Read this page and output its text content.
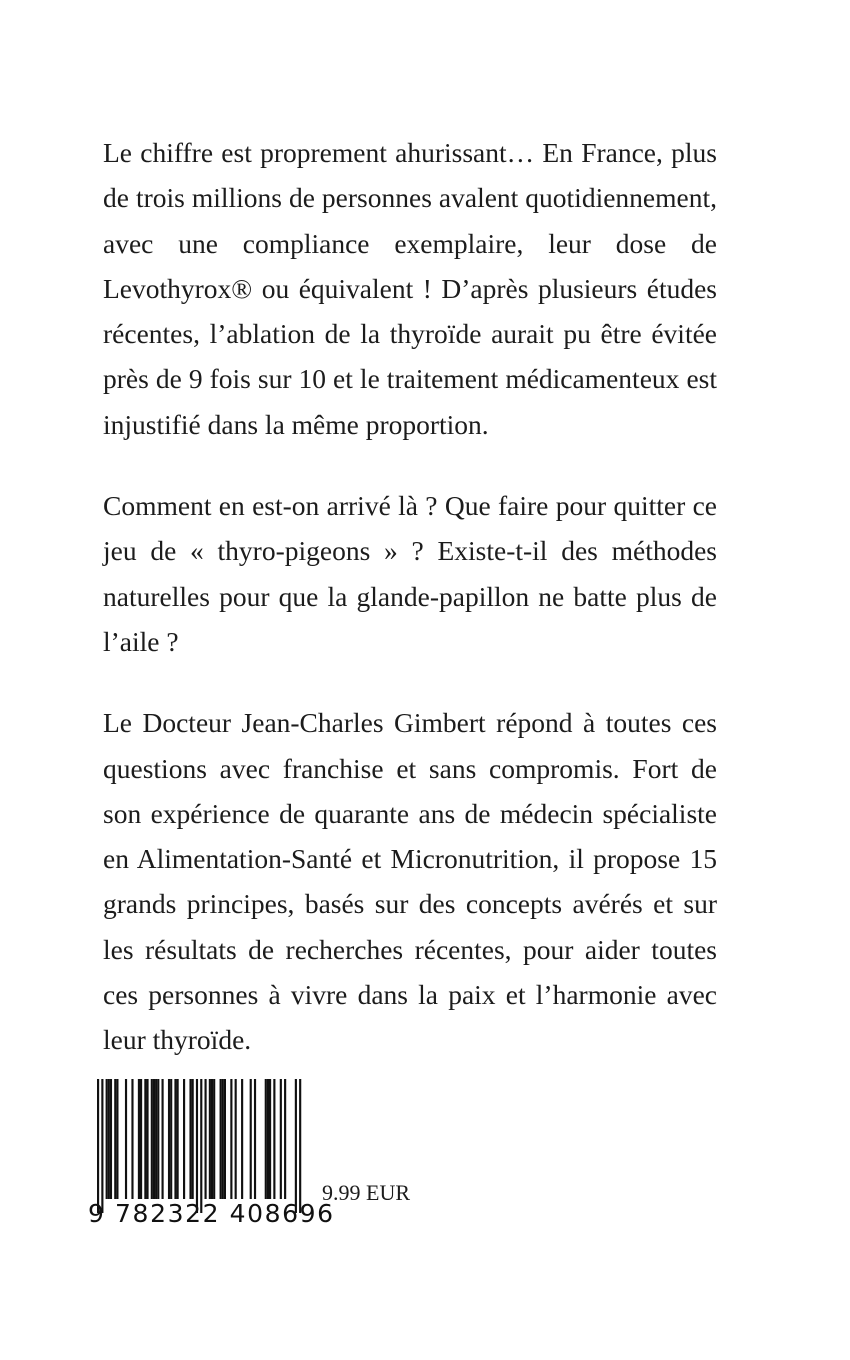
Le chiffre est proprement ahurissant… En France, plus de trois millions de personnes avalent quotidiennement, avec une compliance exemplaire, leur dose de Levothyrox® ou équivalent ! D’après plusieurs études récentes, l’ablation de la thyroïde aurait pu être évitée près de 9 fois sur 10 et le traitement médicamenteux est injustifié dans la même proportion.

Comment en est-on arrivé là ? Que faire pour quitter ce jeu de « thyro-pigeons » ? Existe-t-il des méthodes naturelles pour que la glande-papillon ne batte plus de l’aile ?

Le Docteur Jean-Charles Gimbert répond à toutes ces questions avec franchise et sans compromis. Fort de son expérience de quarante ans de médecin spécialiste en Alimentation-Santé et Micronutrition, il propose 15 grands principes, basés sur des concepts avérés et sur les résultats de recherches récentes, pour aider toutes ces personnes à vivre dans la paix et l’harmonie avec leur thyroïde.

9 782322 408696
9.99 EUR
